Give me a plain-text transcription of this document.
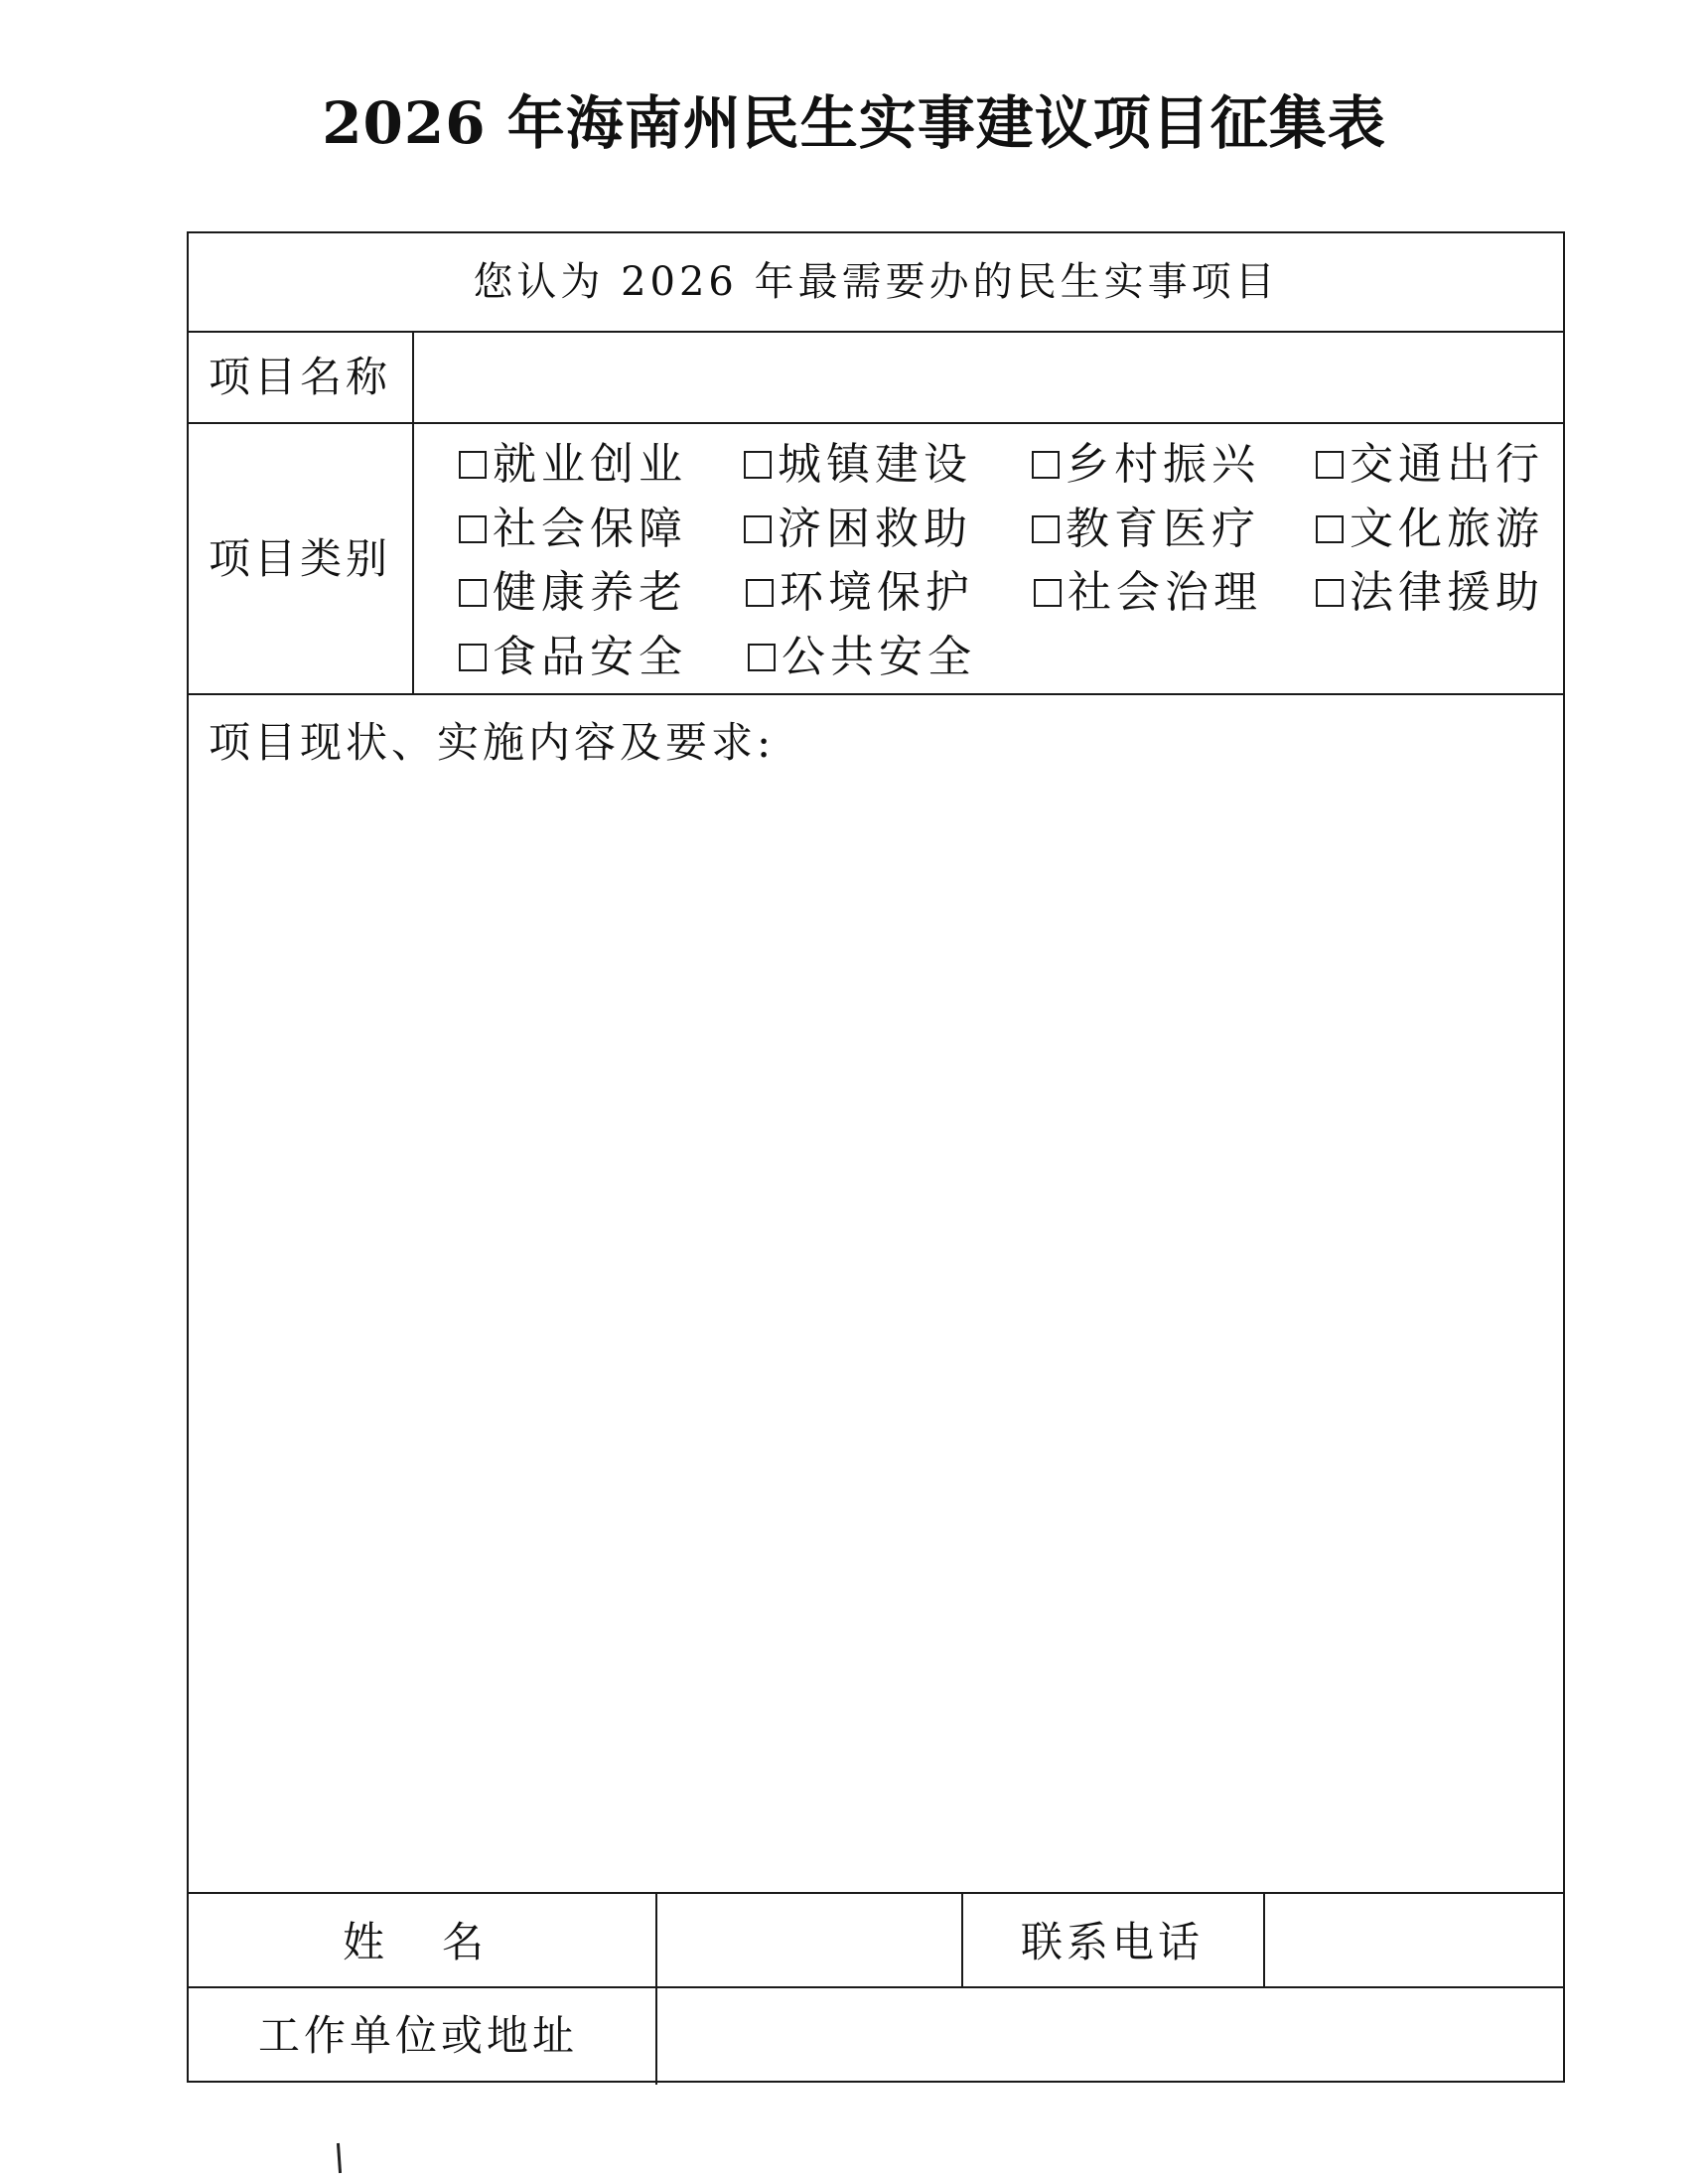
2026 年海南州民生实事建议项目征集表
您认为 2026 年最需要办的民生实事项目
项目名称
项目类别
就业创业 城镇建设 乡村振兴 交通出行
社会保障 济困救助 教育医疗 文化旅游
健康养老 环境保护 社会治理 法律援助
食品安全 公共安全
项目现状、实施内容及要求:
姓名	联系电话
工作单位或地址
